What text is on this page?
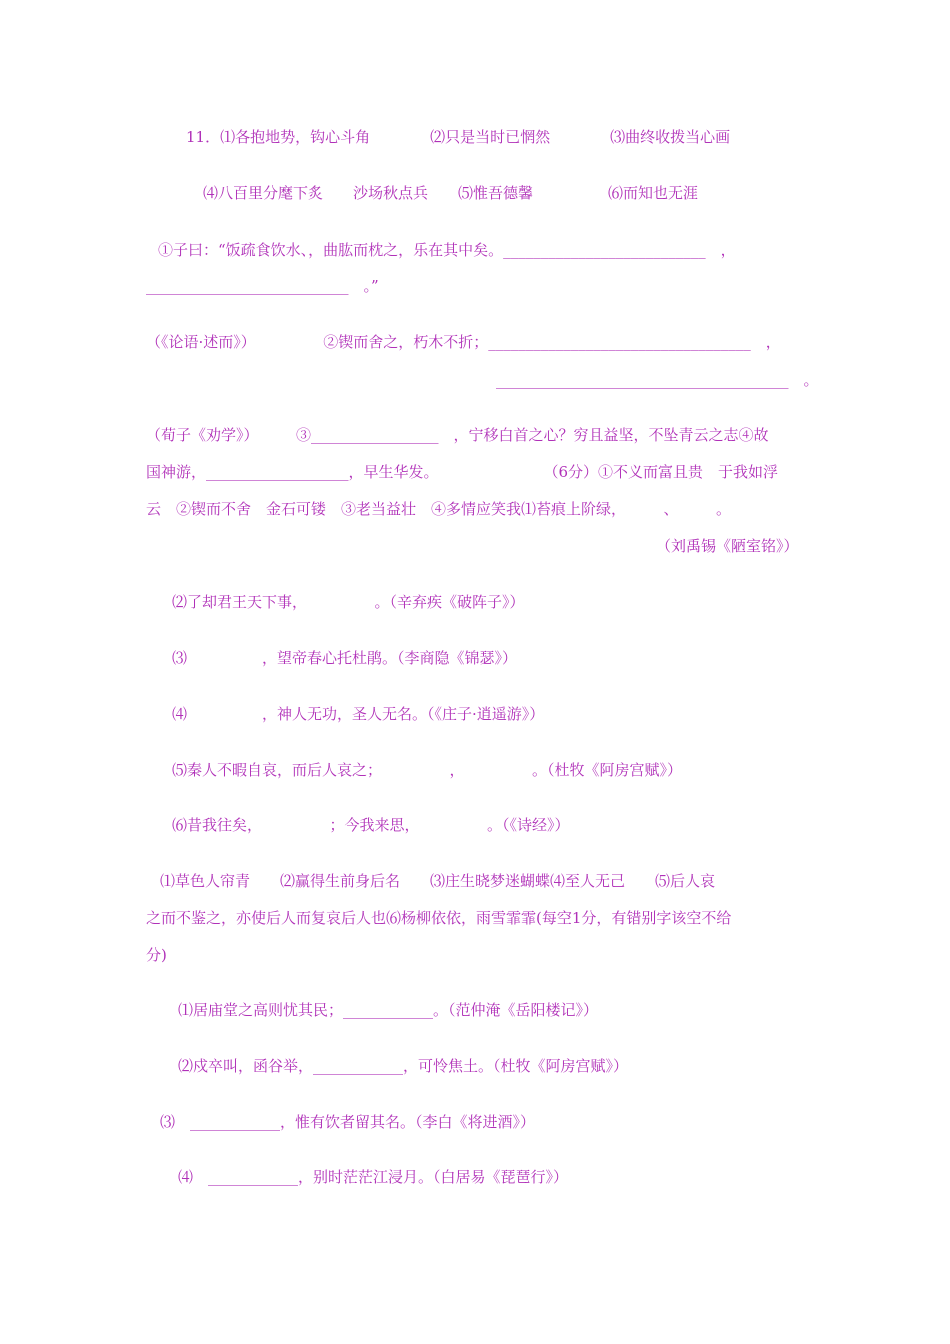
11．⑴各抱地势，钩心斗角　　　　⑵只是当时已惘然　　　　⑶曲终收拨当心画
⑷八百里分麾下炙　　沙场秋点兵　　⑸惟吾德馨　　　　　⑹而知也无涯
①子曰：“饭疏食饮水、，曲肱而枕之，乐在其中矣。___________________________　，
___________________________　。”
（《论语·述而》）　　　　　②锲而舍之，朽木不折；___________________________________　，
_______________________________________　。
（荀子《劝学》）　　　③_________________　，宁移白首之心？穷且益坚，不坠青云之志④故
国神游，___________________，早生华发。　　　　　　　　（6分）①不义而富且贵　于我如浮
云　②锲而不舍　金石可镂　③老当益壮　④多情应笑我⑴苔痕上阶绿，　　　、　　　。
（刘禹锡《陋室铭》）
⑵了却君王天下事，　　　　　。（辛弃疾《破阵子》）
⑶　　　　　，望帝春心托杜鹃。（李商隐《锦瑟》）
⑷　　　　　，神人无功，圣人无名。（《庄子·逍遥游》）
⑸秦人不暇自哀，而后人哀之；　　　　　，　　　　　。（杜牧《阿房宫赋》）
⑹昔我往矣，　　　　　；今我来思，　　　　　。（《诗经》）
⑴草色人帘青　　⑵赢得生前身后名　　⑶庄生晓梦迷蝴蝶⑷至人无己　　⑸后人哀
之而不鉴之，亦使后人而复哀后人也⑹杨柳依依，雨雪霏霏(每空1分，有错别字该空不给
分)
⑴居庙堂之高则忧其民；____________。（范仲淹《岳阳楼记》）
⑵戍卒叫，函谷举，____________，可怜焦土。（杜牧《阿房宫赋》）
⑶　____________，惟有饮者留其名。（李白《将进酒》）
⑷　____________，别时茫茫江浸月。（白居易《琵琶行》）
